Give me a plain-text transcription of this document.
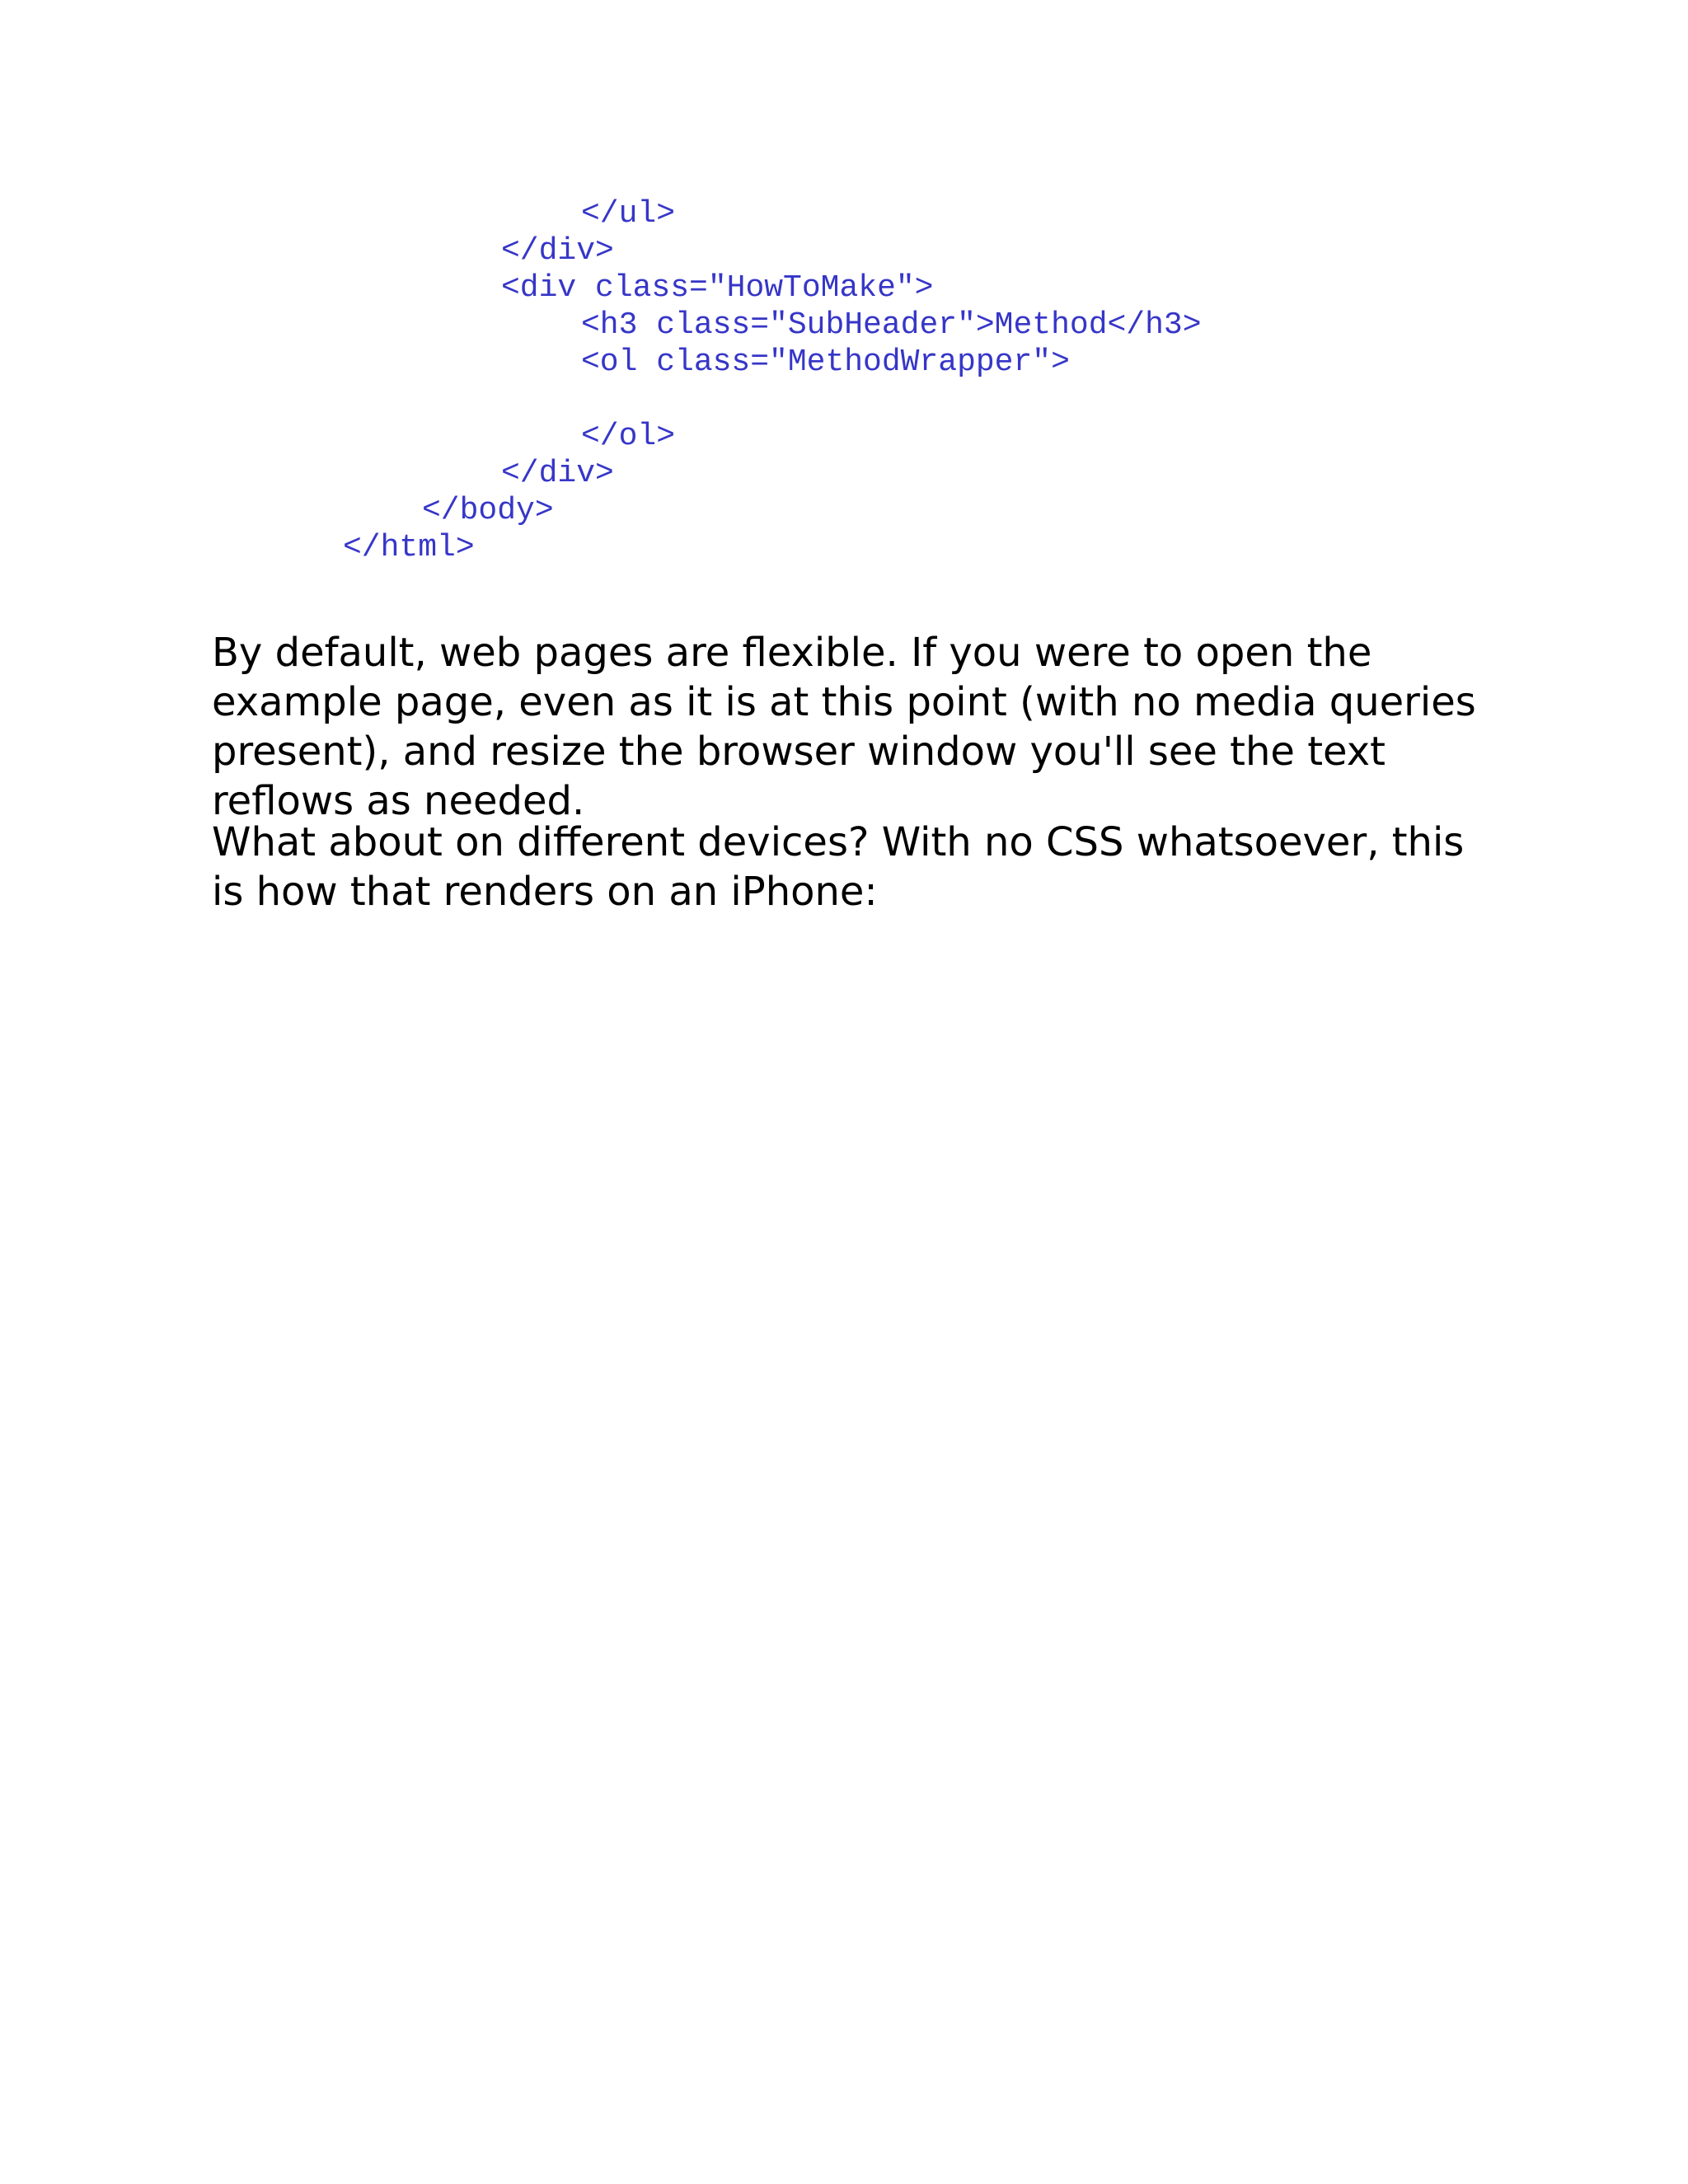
</ul>
</div>
<div class="HowToMake">
<h3 class="SubHeader">Method</h3>
<ol class="MethodWrapper">
</ol>
</div>
</body>
</html>

By default, web pages are flexible. If you were to open the example page, even as it is at this point (with no media queries present), and resize the browser window you'll see the text reflows as needed.

What about on different devices? With no CSS whatsoever, this is how that renders on an iPhone:
